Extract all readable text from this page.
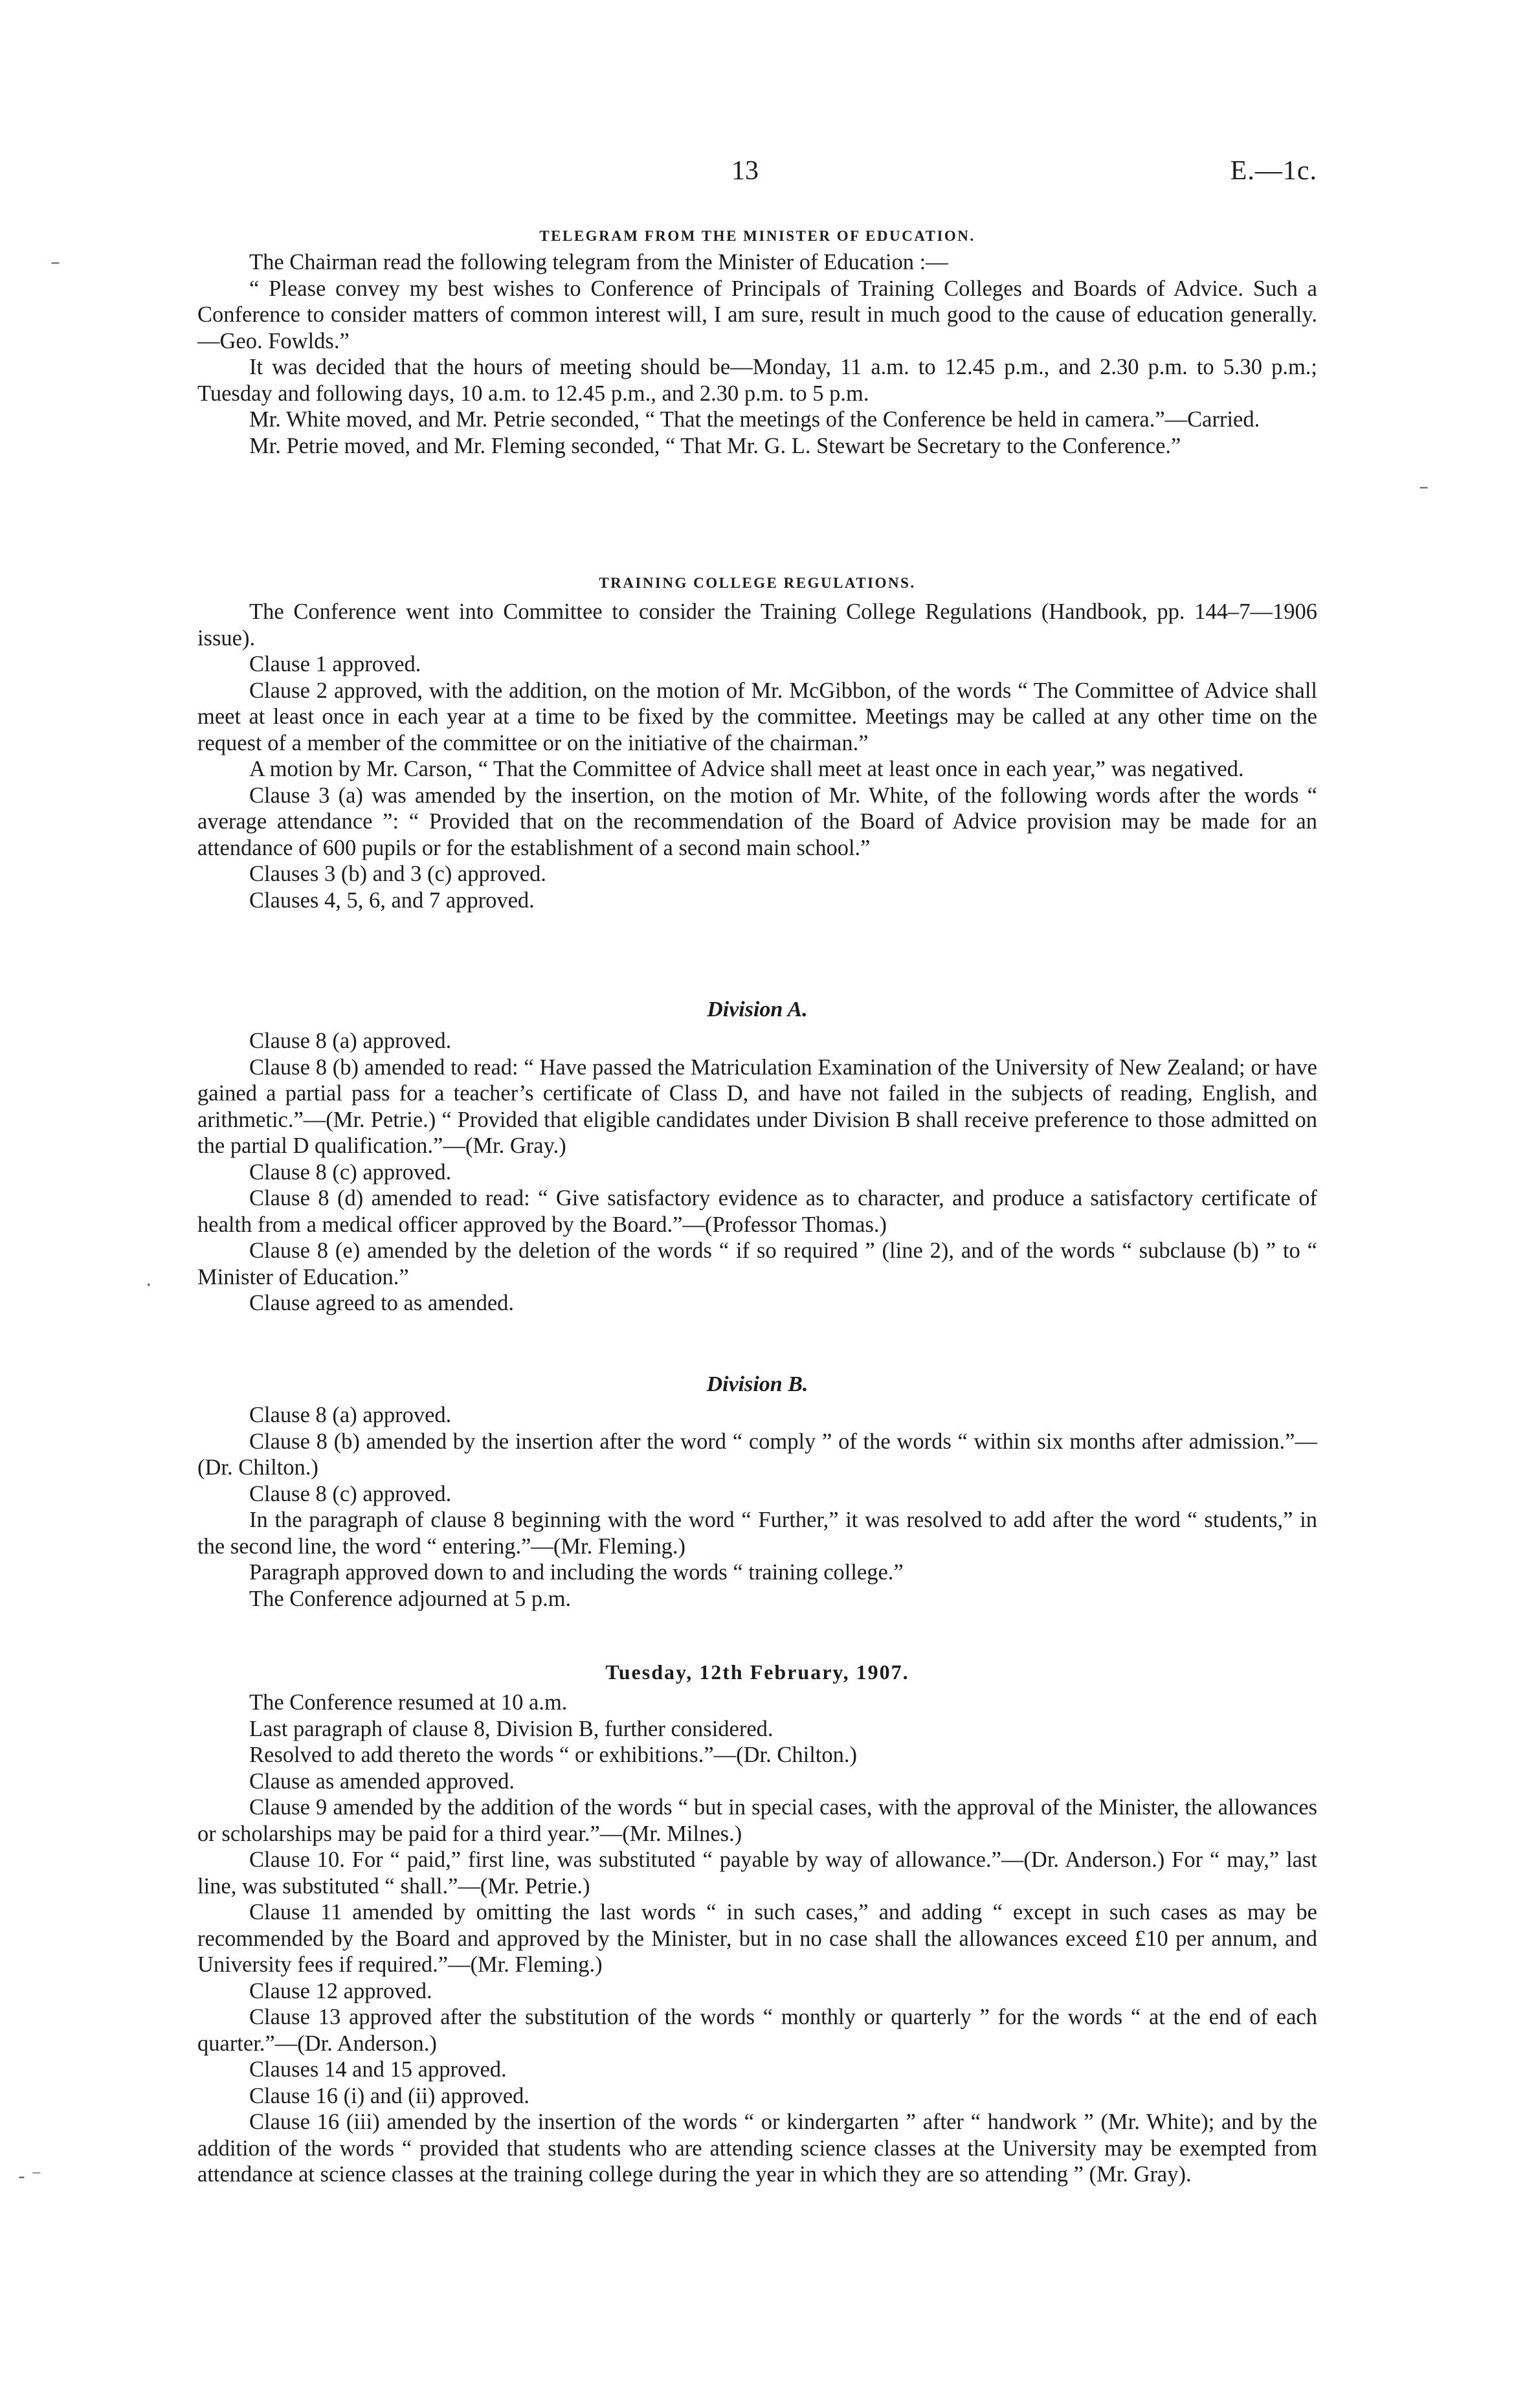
–
–
·
- ⁻
13	E.—1c.
TELEGRAM FROM THE MINISTER OF EDUCATION.

The Chairman read the following telegram from the Minister of Education :—

“ Please convey my best wishes to Conference of Principals of Training Colleges and Boards of Advice. Such a Conference to consider matters of common interest will, I am sure, result in much good to the cause of education generally.—Geo. Fowlds.”

It was decided that the hours of meeting should be—Monday, 11 a.m. to 12.45 p.m., and 2.30 p.m. to 5.30 p.m.; Tuesday and following days, 10 a.m. to 12.45 p.m., and 2.30 p.m. to 5 p.m.

Mr. White moved, and Mr. Petrie seconded, “ That the meetings of the Conference be held in camera.”—Carried.

Mr. Petrie moved, and Mr. Fleming seconded, “ That Mr. G. L. Stewart be Secretary to the Conference.”

TRAINING COLLEGE REGULATIONS.

The Conference went into Committee to consider the Training College Regulations (Handbook, pp. 144–7—1906 issue).

Clause 1 approved.

Clause 2 approved, with the addition, on the motion of Mr. McGibbon, of the words “ The Committee of Advice shall meet at least once in each year at a time to be fixed by the committee. Meetings may be called at any other time on the request of a member of the committee or on the initiative of the chairman.”

A motion by Mr. Carson, “ That the Committee of Advice shall meet at least once in each year,” was negatived.

Clause 3 (a) was amended by the insertion, on the motion of Mr. White, of the following words after the words “ average attendance ”: “ Provided that on the recommendation of the Board of Advice provision may be made for an attendance of 600 pupils or for the establishment of a second main school.”

Clauses 3 (b) and 3 (c) approved.

Clauses 4, 5, 6, and 7 approved.

Division A.

Clause 8 (a) approved.

Clause 8 (b) amended to read: “ Have passed the Matriculation Examination of the University of New Zealand; or have gained a partial pass for a teacher’s certificate of Class D, and have not failed in the subjects of reading, English, and arithmetic.”—(Mr. Petrie.) “ Provided that eligible candidates under Division B shall receive preference to those admitted on the partial D qualification.”—(Mr. Gray.)

Clause 8 (c) approved.

Clause 8 (d) amended to read: “ Give satisfactory evidence as to character, and produce a satisfactory certificate of health from a medical officer approved by the Board.”—(Professor Thomas.)

Clause 8 (e) amended by the deletion of the words “ if so required ” (line 2), and of the words “ subclause (b) ” to “ Minister of Education.”

Clause agreed to as amended.

Division B.

Clause 8 (a) approved.

Clause 8 (b) amended by the insertion after the word “ comply ” of the words “ within six months after admission.”—(Dr. Chilton.)

Clause 8 (c) approved.

In the paragraph of clause 8 beginning with the word “ Further,” it was resolved to add after the word “ students,” in the second line, the word “ entering.”—(Mr. Fleming.)

Paragraph approved down to and including the words “ training college.”

The Conference adjourned at 5 p.m.

Tuesday, 12th February, 1907.

The Conference resumed at 10 a.m.

Last paragraph of clause 8, Division B, further considered.

Resolved to add thereto the words “ or exhibitions.”—(Dr. Chilton.)

Clause as amended approved.

Clause 9 amended by the addition of the words “ but in special cases, with the approval of the Minister, the allowances or scholarships may be paid for a third year.”—(Mr. Milnes.)

Clause 10. For “ paid,” first line, was substituted “ payable by way of allowance.”—(Dr. Anderson.) For “ may,” last line, was substituted “ shall.”—(Mr. Petrie.)

Clause 11 amended by omitting the last words “ in such cases,” and adding “ except in such cases as may be recommended by the Board and approved by the Minister, but in no case shall the allowances exceed £10 per annum, and University fees if required.”—(Mr. Fleming.)

Clause 12 approved.

Clause 13 approved after the substitution of the words “ monthly or quarterly ” for the words “ at the end of each quarter.”—(Dr. Anderson.)

Clauses 14 and 15 approved.

Clause 16 (i) and (ii) approved.

Clause 16 (iii) amended by the insertion of the words “ or kindergarten ” after “ handwork ” (Mr. White); and by the addition of the words “ provided that students who are attending science classes at the University may be exempted from attendance at science classes at the training college during the year in which they are so attending ” (Mr. Gray).
